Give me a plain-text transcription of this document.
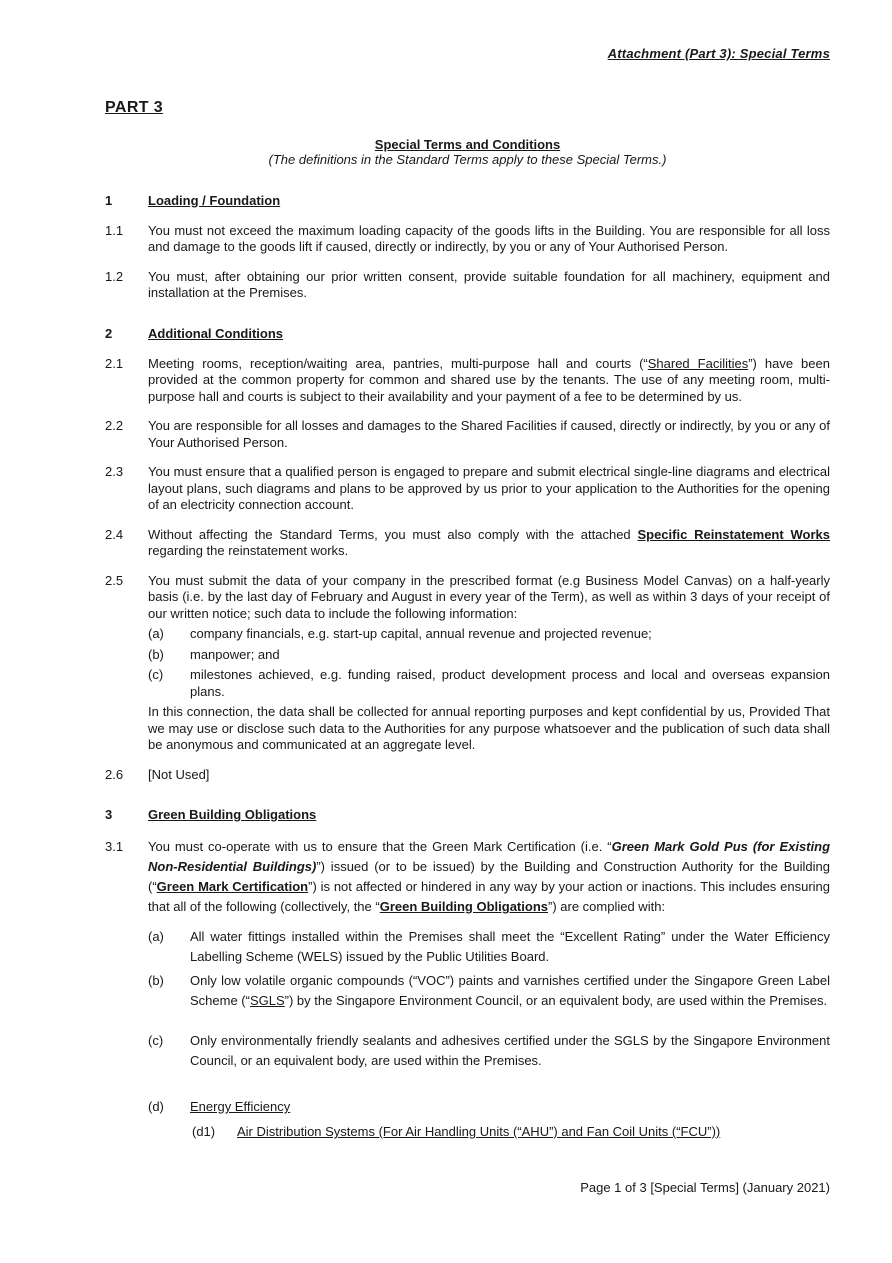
Attachment (Part 3): Special Terms
PART 3
Special Terms and Conditions
(The definitions in the Standard Terms apply to these Special Terms.)
1	Loading / Foundation
1.1	You must not exceed the maximum loading capacity of the goods lifts in the Building. You are responsible for all loss and damage to the goods lift if caused, directly or indirectly, by you or any of Your Authorised Person.
1.2	You must, after obtaining our prior written consent, provide suitable foundation for all machinery, equipment and installation at the Premises.
2	Additional Conditions
2.1	Meeting rooms, reception/waiting area, pantries, multi-purpose hall and courts (“Shared Facilities”) have been provided at the common property for common and shared use by the tenants. The use of any meeting room, multi-purpose hall and courts is subject to their availability and your payment of a fee to be determined by us.
2.2	You are responsible for all losses and damages to the Shared Facilities if caused, directly or indirectly, by you or any of Your Authorised Person.
2.3	You must ensure that a qualified person is engaged to prepare and submit electrical single-line diagrams and electrical layout plans, such diagrams and plans to be approved by us prior to your application to the Authorities for the opening of an electricity connection account.
2.4	Without affecting the Standard Terms, you must also comply with the attached Specific Reinstatement Works regarding the reinstatement works.
2.5	You must submit the data of your company in the prescribed format (e.g Business Model Canvas) on a half-yearly basis (i.e. by the last day of February and August in every year of the Term), as well as within 3 days of your receipt of our written notice; such data to include the following information:
(a)	company financials, e.g. start-up capital, annual revenue and projected revenue;
(b)	manpower; and
(c)	milestones achieved, e.g. funding raised, product development process and local and overseas expansion plans.
In this connection, the data shall be collected for annual reporting purposes and kept confidential by us, Provided That we may use or disclose such data to the Authorities for any purpose whatsoever and the publication of such data shall be anonymous and communicated at an aggregate level.
2.6	[Not Used]
3	Green Building Obligations
3.1	You must co-operate with us to ensure that the Green Mark Certification (i.e. “Green Mark Gold Pus (for Existing Non-Residential Buildings)”) issued (or to be issued) by the Building and Construction Authority for the Building (“Green Mark Certification”) is not affected or hindered in any way by your action or inactions. This includes ensuring that all of the following (collectively, the “Green Building Obligations”) are complied with:
(a)	All water fittings installed within the Premises shall meet the “Excellent Rating” under the Water Efficiency Labelling Scheme (WELS) issued by the Public Utilities Board.
(b)	Only low volatile organic compounds (“VOC”) paints and varnishes certified under the Singapore Green Label Scheme (“SGLS”) by the Singapore Environment Council, or an equivalent body, are used within the Premises.
(c)	Only environmentally friendly sealants and adhesives certified under the SGLS by the Singapore Environment Council, or an equivalent body, are used within the Premises.
(d)	Energy Efficiency
(d1)	Air Distribution Systems (For Air Handling Units (“AHU”) and Fan Coil Units (“FCU”))
Page 1 of 3 [Special Terms] (January 2021)
